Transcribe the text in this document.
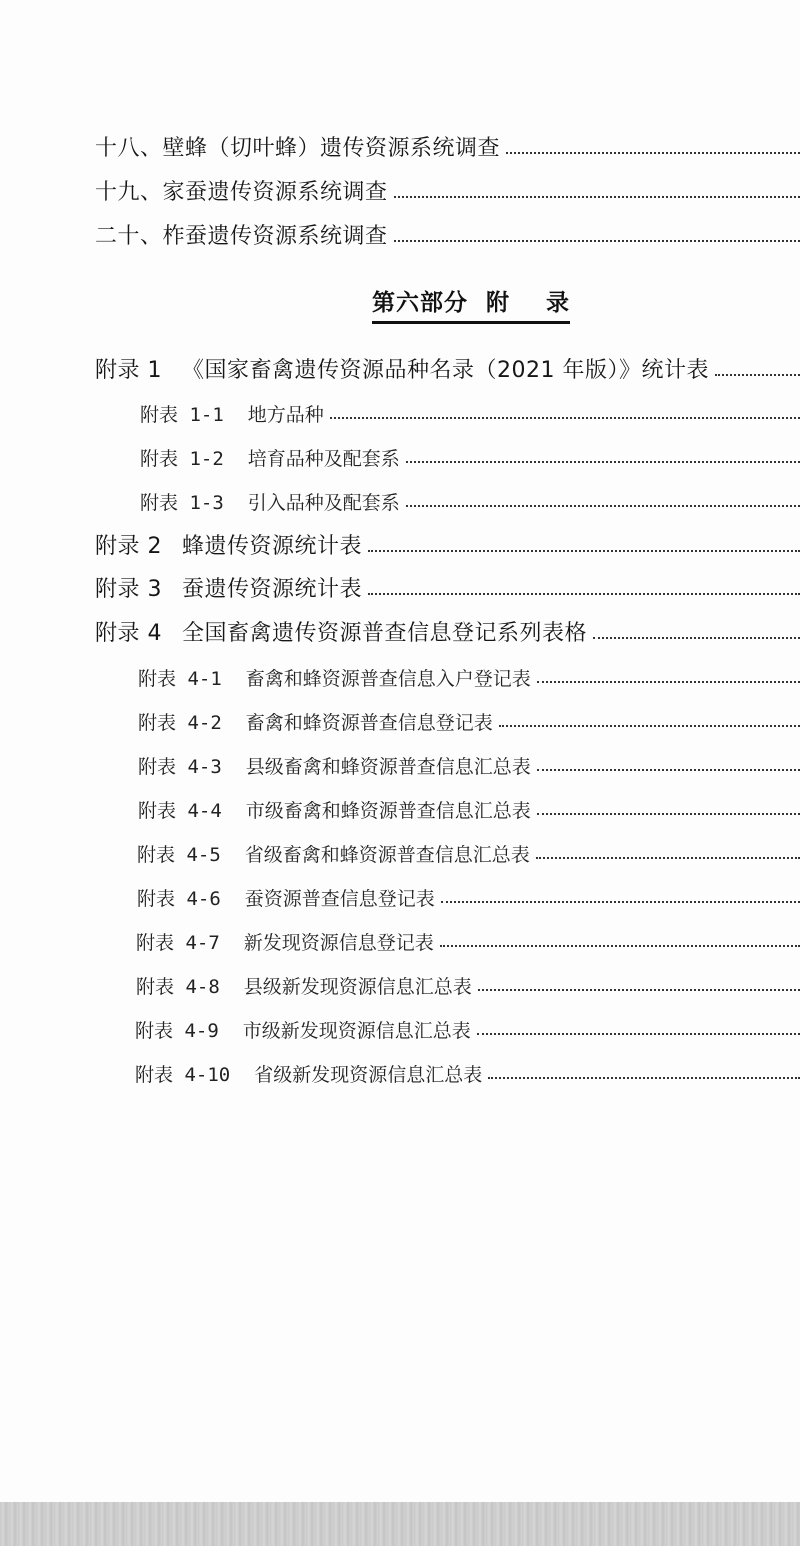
十八、壁蜂（切叶蜂）遗传资源系统调查
十九、家蚕遗传资源系统调查
二十、柞蚕遗传资源系统调查
第六部分  附    录
附录 1 《国家畜禽遗传资源品种名录（2021 年版）》统计表
附表 1-1 地方品种
附表 1-2 培育品种及配套系
附表 1-3 引入品种及配套系
附录 2 蜂遗传资源统计表
附录 3 蚕遗传资源统计表
附录 4 全国畜禽遗传资源普查信息登记系列表格
附表 4-1 畜禽和蜂资源普查信息入户登记表
附表 4-2 畜禽和蜂资源普查信息登记表
附表 4-3 县级畜禽和蜂资源普查信息汇总表
附表 4-4 市级畜禽和蜂资源普查信息汇总表
附表 4-5 省级畜禽和蜂资源普查信息汇总表
附表 4-6 蚕资源普查信息登记表
附表 4-7 新发现资源信息登记表
附表 4-8 县级新发现资源信息汇总表
附表 4-9 市级新发现资源信息汇总表
附表 4-10 省级新发现资源信息汇总表
